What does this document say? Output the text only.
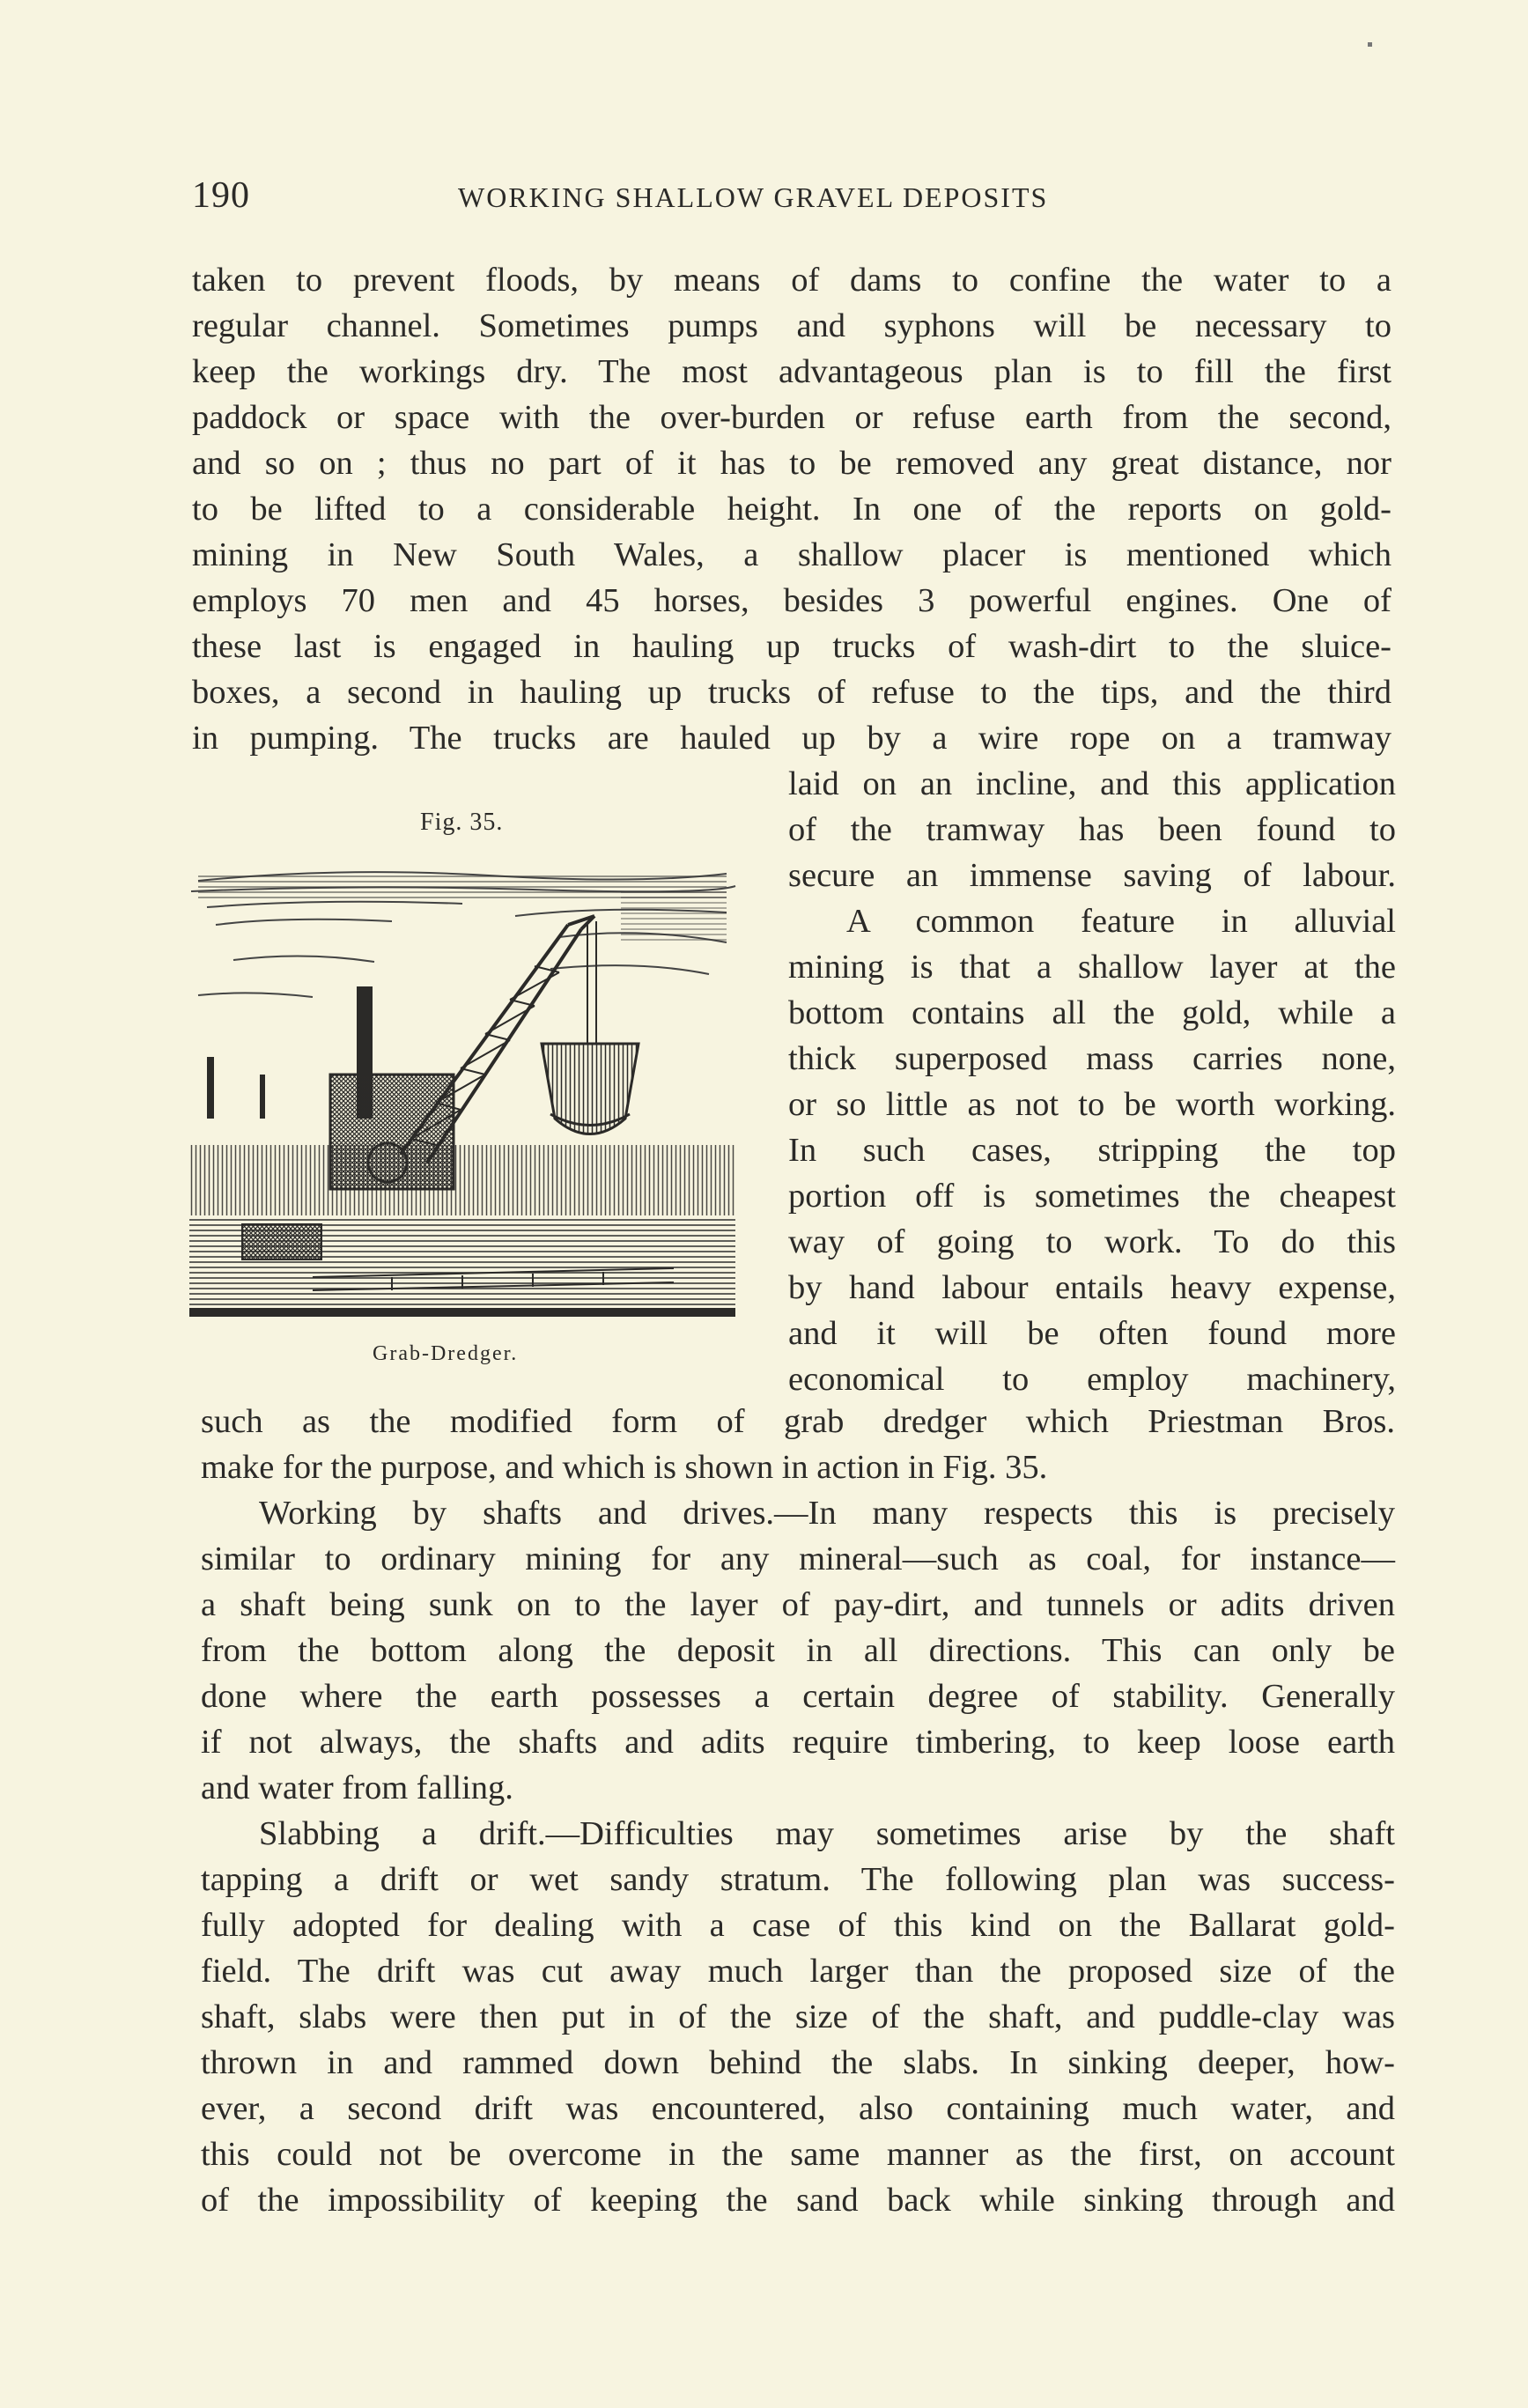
190	WORKING SHALLOW GRAVEL DEPOSITS

taken to prevent floods, by means of dams to confine the water to a

regular channel. Sometimes pumps and syphons will be necessary to

keep the workings dry. The most advantageous plan is to fill the first

paddock or space with the over-burden or refuse earth from the second,

and so on ; thus no part of it has to be removed any great distance, nor

to be lifted to a considerable height. In one of the reports on gold-

mining in New South Wales, a shallow placer is mentioned which

employs 70 men and 45 horses, besides 3 powerful engines. One of

these last is engaged in hauling up trucks of wash-dirt to the sluice-

boxes, a second in hauling up trucks of refuse to the tips, and the third

in pumping. The trucks are hauled up by a wire rope on a tramway

Fig. 35.
Grab-Dredger.

laid on an incline, and this application

of the tramway has been found to

secure an immense saving of labour.

A common feature in alluvial

mining is that a shallow layer at the

bottom contains all the gold, while a

thick superposed mass carries none,

or so little as not to be worth working.

In such cases, stripping the top

portion off is sometimes the cheapest

way of going to work. To do this

by hand labour entails heavy expense,

and it will be often found more

economical to employ machinery,

such as the modified form of grab dredger which Priestman Bros.

make for the purpose, and which is shown in action in Fig. 35.

Working by shafts and drives.—In many respects this is precisely

similar to ordinary mining for any mineral—such as coal, for instance—

a shaft being sunk on to the layer of pay-dirt, and tunnels or adits driven

from the bottom along the deposit in all directions. This can only be

done where the earth possesses a certain degree of stability. Generally

if not always, the shafts and adits require timbering, to keep loose earth

and water from falling.

Slabbing a drift.—Difficulties may sometimes arise by the shaft

tapping a drift or wet sandy stratum. The following plan was success-

fully adopted for dealing with a case of this kind on the Ballarat gold-

field. The drift was cut away much larger than the proposed size of the

shaft, slabs were then put in of the size of the shaft, and puddle-clay was

thrown in and rammed down behind the slabs. In sinking deeper, how-

ever, a second drift was encountered, also containing much water, and

this could not be overcome in the same manner as the first, on account

of the impossibility of keeping the sand back while sinking through and
